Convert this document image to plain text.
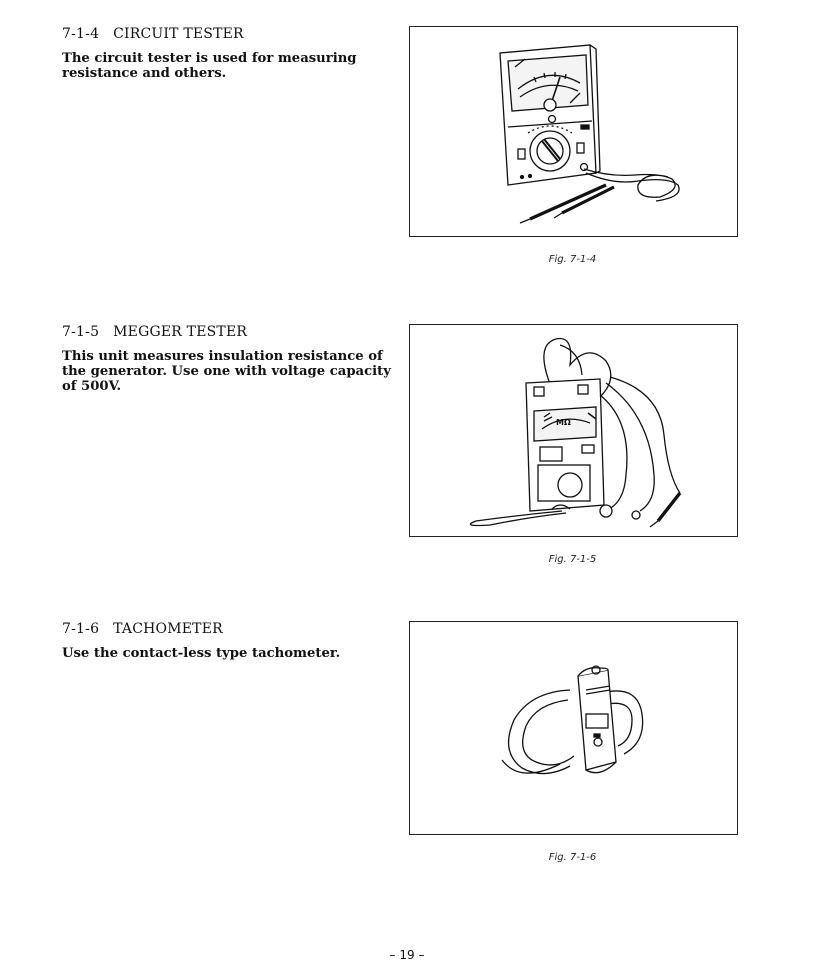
7-1-4 CIRCUIT TESTER

The circuit tester is used for measuring resistance and others.

Fig. 7-1-4
7-1-5 MEGGER TESTER

This unit measures insulation resistance of the generator. Use one with voltage capacity of 500V.

MΩ
Fig. 7-1-5
7-1-6 TACHOMETER

Use the contact-less type tachometer.

Fig. 7-1-6
– 19 –
